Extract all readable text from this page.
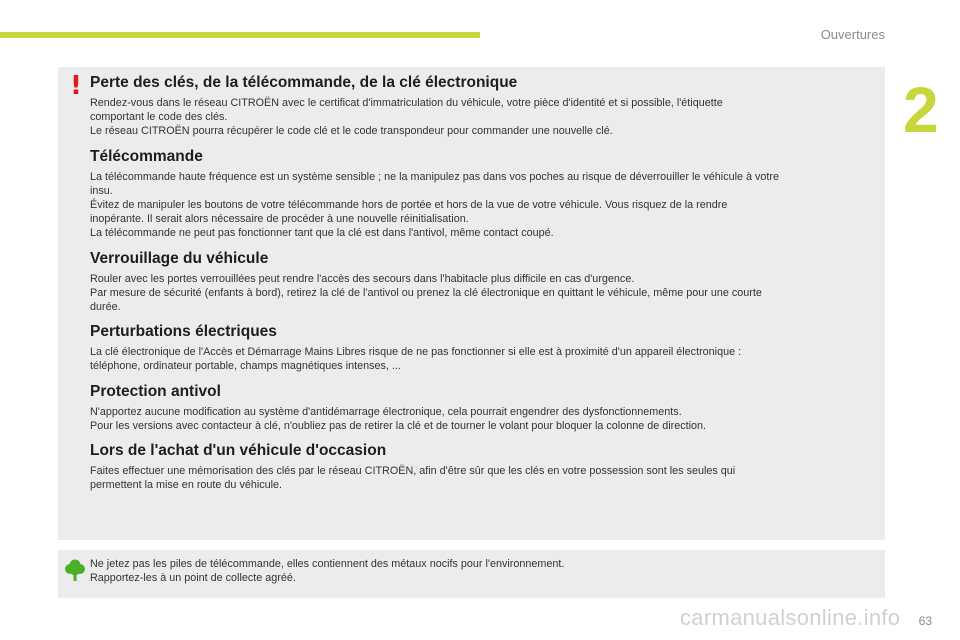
Ouvertures
2
! Perte des clés, de la télécommande, de la clé électronique

Rendez-vous dans le réseau CITROËN avec le certificat d'immatriculation du véhicule, votre pièce d'identité et si possible, l'étiquette

comportant le code des clés.

Le réseau CITROËN pourra récupérer le code clé et le code transpondeur pour commander une nouvelle clé.

Télécommande

La télécommande haute fréquence est un système sensible ; ne la manipulez pas dans vos poches au risque de déverrouiller le véhicule à votre

insu.

Évitez de manipuler les boutons de votre télécommande hors de portée et hors de la vue de votre véhicule. Vous risquez de la rendre

inopérante. Il serait alors nécessaire de procéder à une nouvelle réinitialisation.

La télécommande ne peut pas fonctionner tant que la clé est dans l'antivol, même contact coupé.

Verrouillage du véhicule

Rouler avec les portes verrouillées peut rendre l'accès des secours dans l'habitacle plus difficile en cas d'urgence.

Par mesure de sécurité (enfants à bord), retirez la clé de l'antivol ou prenez la clé électronique en quittant le véhicule, même pour une courte

durée.

Perturbations électriques

La clé électronique de l'Accès et Démarrage Mains Libres risque de ne pas fonctionner si elle est à proximité d'un appareil électronique :

téléphone, ordinateur portable, champs magnétiques intenses, ...

Protection antivol

N'apportez aucune modification au système d'antidémarrage électronique, cela pourrait engendrer des dysfonctionnements.

Pour les versions avec contacteur à clé, n'oubliez pas de retirer la clé et de tourner le volant pour bloquer la colonne de direction.

Lors de l'achat d'un véhicule d'occasion

Faites effectuer une mémorisation des clés par le réseau CITROËN, afin d'être sûr que les clés en votre possession sont les seules qui

permettent la mise en route du véhicule.

Ne jetez pas les piles de télécommande, elles contiennent des métaux nocifs pour l'environnement.

Rapportez-les à un point de collecte agréé.

carmanualsonline.info 63
